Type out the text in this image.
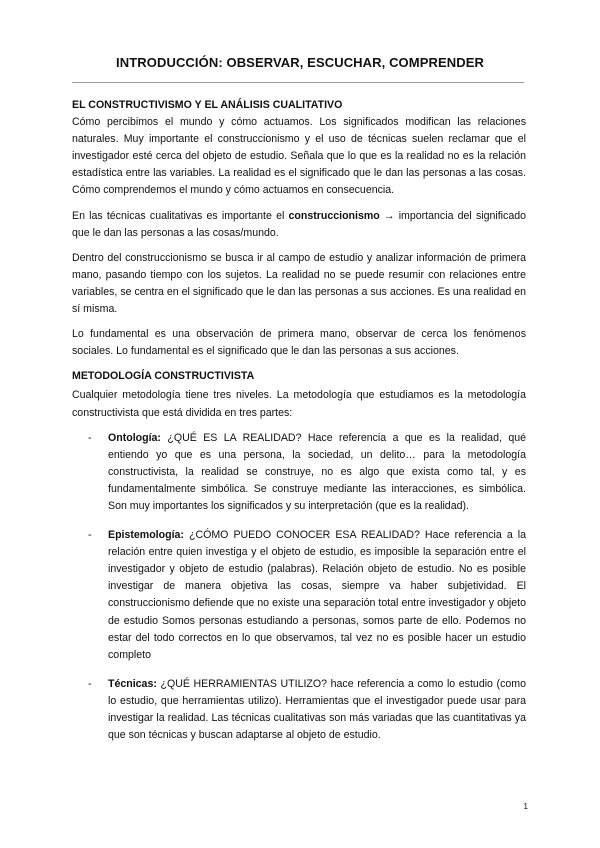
INTRODUCCIÓN: OBSERVAR, ESCUCHAR, COMPRENDER

EL CONSTRUCTIVISMO Y EL ANÁLISIS CUALITATIVO

Cómo percibimos el mundo y cómo actuamos. Los significados modifican las relaciones naturales. Muy importante el construccionismo y el uso de técnicas suelen reclamar que el investigador esté cerca del objeto de estudio. Señala que lo que es la realidad no es la relación estadística entre las variables. La realidad es el significado que le dan las personas a las cosas. Cómo comprendemos el mundo y cómo actuamos en consecuencia.

En las técnicas cualitativas es importante el construccionismo → importancia del significado que le dan las personas a las cosas/mundo.

Dentro del construccionismo se busca ir al campo de estudio y analizar información de primera mano, pasando tiempo con los sujetos. La realidad no se puede resumir con relaciones entre variables, se centra en el significado que le dan las personas a sus acciones. Es una realidad en sí misma.

Lo fundamental es una observación de primera mano, observar de cerca los fenómenos sociales. Lo fundamental es el significado que le dan las personas a sus acciones.

METODOLOGÍA CONSTRUCTIVISTA

Cualquier metodología tiene tres niveles. La metodología que estudiamos es la metodología constructivista que está dividida en tres partes:

- Ontología: ¿QUÉ ES LA REALIDAD? Hace referencia a que es la realidad, qué entiendo yo que es una persona, la sociedad, un delito… para la metodología constructivista, la realidad se construye, no es algo que exista como tal, y es fundamentalmente simbólica. Se construye mediante las interacciones, es simbólica. Son muy importantes los significados y su interpretación (que es la realidad).
- Epistemología: ¿CÓMO PUEDO CONOCER ESA REALIDAD? Hace referencia a la relación entre quien investiga y el objeto de estudio, es imposible la separación entre el investigador y objeto de estudio (palabras). Relación objeto de estudio. No es posible investigar de manera objetiva las cosas, siempre va haber subjetividad. El construccionismo defiende que no existe una separación total entre investigador y objeto de estudio Somos personas estudiando a personas, somos parte de ello. Podemos no estar del todo correctos en lo que observamos, tal vez no es posible hacer un estudio completo
- Técnicas: ¿QUÉ HERRAMIENTAS UTILIZO? hace referencia a como lo estudio (como lo estudio, que herramientas utilizo). Herramientas que el investigador puede usar para investigar la realidad. Las técnicas cualitativas son más variadas que las cuantitativas ya que son técnicas y buscan adaptarse al objeto de estudio.
1
